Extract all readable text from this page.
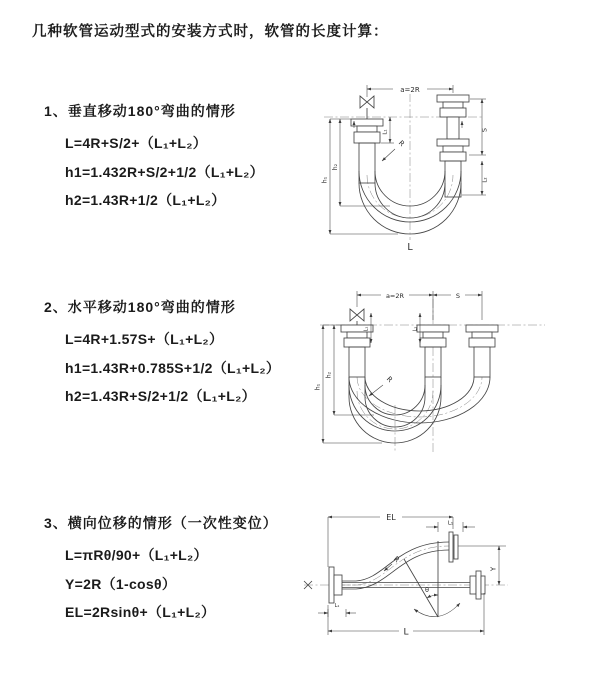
几种软管运动型式的安装方式时，软管的长度计算：
1、垂直移动180°弯曲的情形
L=4R+S/2+（L₁+L₂）
h1=1.432R+S/2+1/2（L₁+L₂）
h2=1.43R+1/2（L₁+L₂）
2、水平移动180°弯曲的情形
L=4R+1.57S+（L₁+L₂）
h1=1.43R+0.785S+1/2（L₁+L₂）
h2=1.43R+S/2+1/2（L₁+L₂）
3、横向位移的情形（一次性变位）
L=πRθ/90+（L₁+L₂）
Y=2R（1-cosθ）
EL=2Rsinθ+（L₁+L₂）
a=2R
S
L₁
L₂
h₁
h₂
R
L
a=2R	S
h₁
h₂
L₁	L₂
R
EL
L₁
Y
R
θ
L₁
L
